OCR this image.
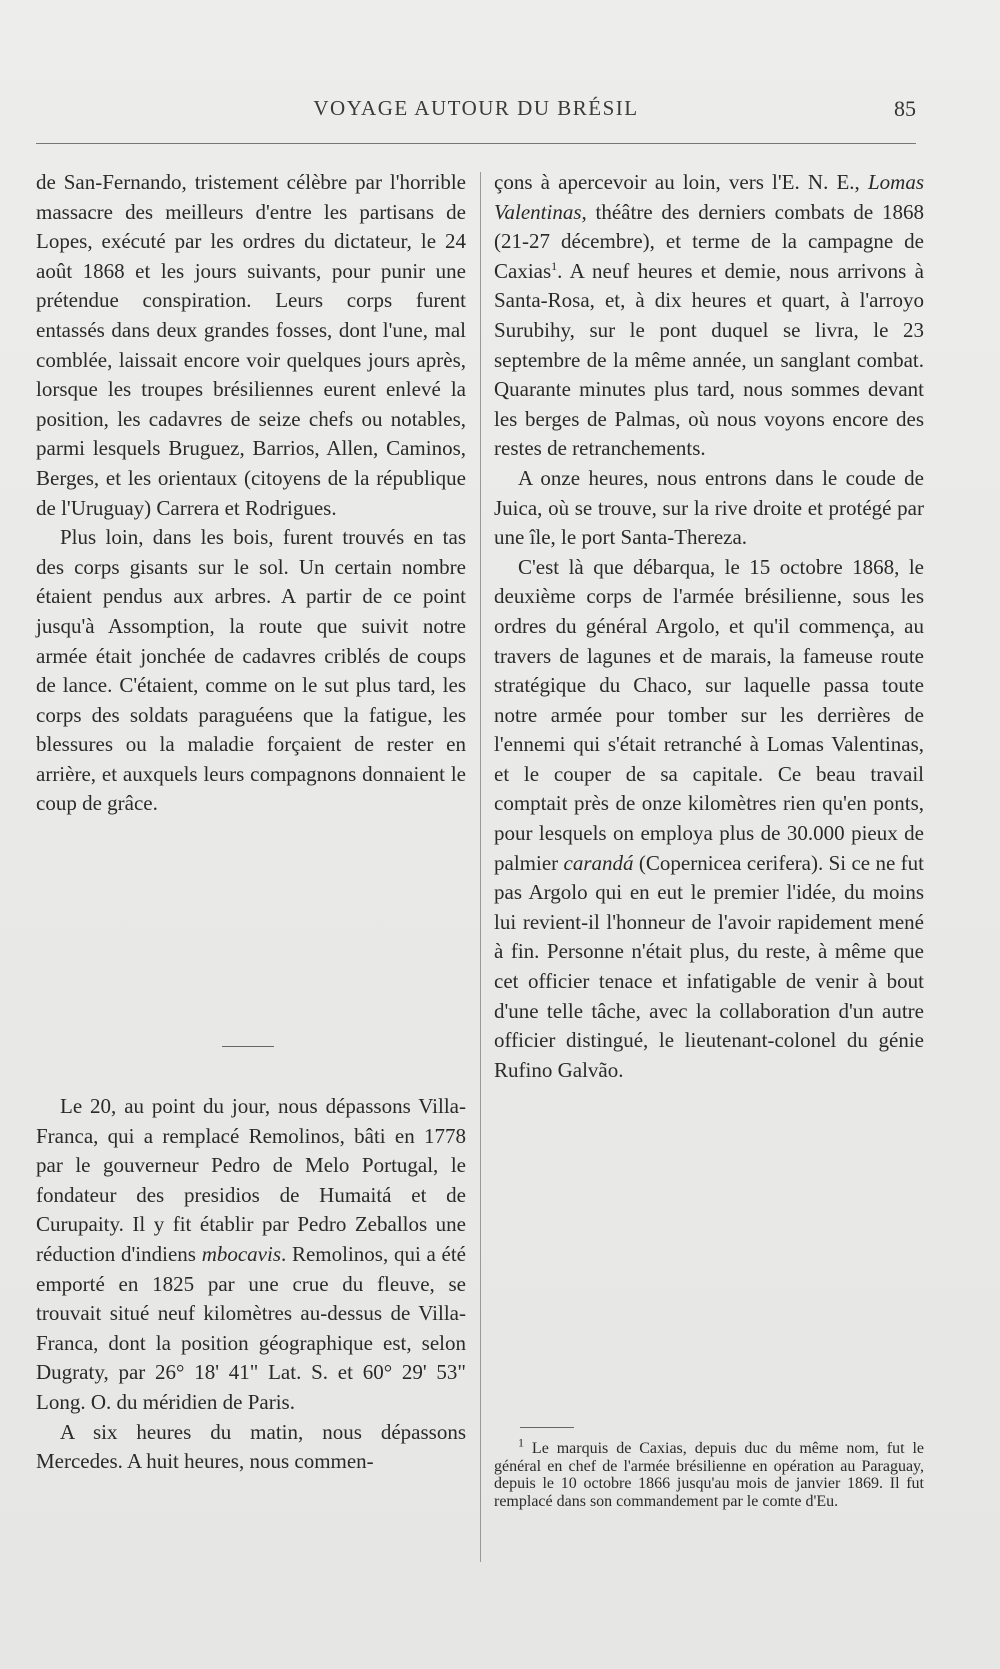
VOYAGE AUTOUR DU BRÉSIL	85

de San-Fernando, tristement célèbre par l'horrible massacre des meilleurs d'entre les partisans de Lopes, exécuté par les ordres du dictateur, le 24 août 1868 et les jours suivants, pour punir une prétendue conspiration. Leurs corps furent entassés dans deux grandes fosses, dont l'une, mal comblée, laissait encore voir quelques jours après, lorsque les troupes brésiliennes eurent enlevé la position, les cadavres de seize chefs ou notables, parmi lesquels Bruguez, Barrios, Allen, Caminos, Berges, et les orientaux (citoyens de la république de l'Uruguay) Carrera et Rodrigues.

Plus loin, dans les bois, furent trouvés en tas des corps gisants sur le sol. Un certain nombre étaient pendus aux arbres. A partir de ce point jusqu'à Assomption, la route que suivit notre armée était jonchée de cadavres criblés de coups de lance. C'étaient, comme on le sut plus tard, les corps des soldats paraguéens que la fatigue, les blessures ou la maladie forçaient de rester en arrière, et auxquels leurs compagnons donnaient le coup de grâce.

Le 20, au point du jour, nous dépassons Villa-Franca, qui a remplacé Remolinos, bâti en 1778 par le gouverneur Pedro de Melo Portugal, le fondateur des presidios de Humaitá et de Curupaity. Il y fit établir par Pedro Zeballos une réduction d'indiens mbocavis. Remolinos, qui a été emporté en 1825 par une crue du fleuve, se trouvait situé neuf kilomètres au-dessus de Villa-Franca, dont la position géographique est, selon Dugraty, par 26° 18' 41" Lat. S. et 60° 29' 53" Long. O. du méridien de Paris.

A six heures du matin, nous dépassons Mercedes. A huit heures, nous commen-

çons à apercevoir au loin, vers l'E. N. E., Lomas Valentinas, théâtre des derniers combats de 1868 (21-27 décembre), et terme de la campagne de Caxias$^1$. A neuf heures et demie, nous arrivons à Santa-Rosa, et, à dix heures et quart, à l'arroyo Surubihy, sur le pont duquel se livra, le 23 septembre de la même année, un sanglant combat. Quarante minutes plus tard, nous sommes devant les berges de Palmas, où nous voyons encore des restes de retranchements.

A onze heures, nous entrons dans le coude de Juica, où se trouve, sur la rive droite et protégé par une île, le port Santa-Thereza.

C'est là que débarqua, le 15 octobre 1868, le deuxième corps de l'armée brésilienne, sous les ordres du général Argolo, et qu'il commença, au travers de lagunes et de marais, la fameuse route stratégique du Chaco, sur laquelle passa toute notre armée pour tomber sur les derrières de l'ennemi qui s'était retranché à Lomas Valentinas, et le couper de sa capitale. Ce beau travail comptait près de onze kilomètres rien qu'en ponts, pour lesquels on employa plus de 30.000 pieux de palmier carandá (Copernicea cerifera). Si ce ne fut pas Argolo qui en eut le premier l'idée, du moins lui revient-il l'honneur de l'avoir rapidement mené à fin. Personne n'était plus, du reste, à même que cet officier tenace et infatigable de venir à bout d'une telle tâche, avec la collaboration d'un autre officier distingué, le lieutenant-colonel du génie Rufino Galvão.

$^1$ Le marquis de Caxias, depuis duc du même nom, fut le général en chef de l'armée brésilienne en opération au Paraguay, depuis le 10 octobre 1866 jusqu'au mois de janvier 1869. Il fut remplacé dans son commandement par le comte d'Eu.
